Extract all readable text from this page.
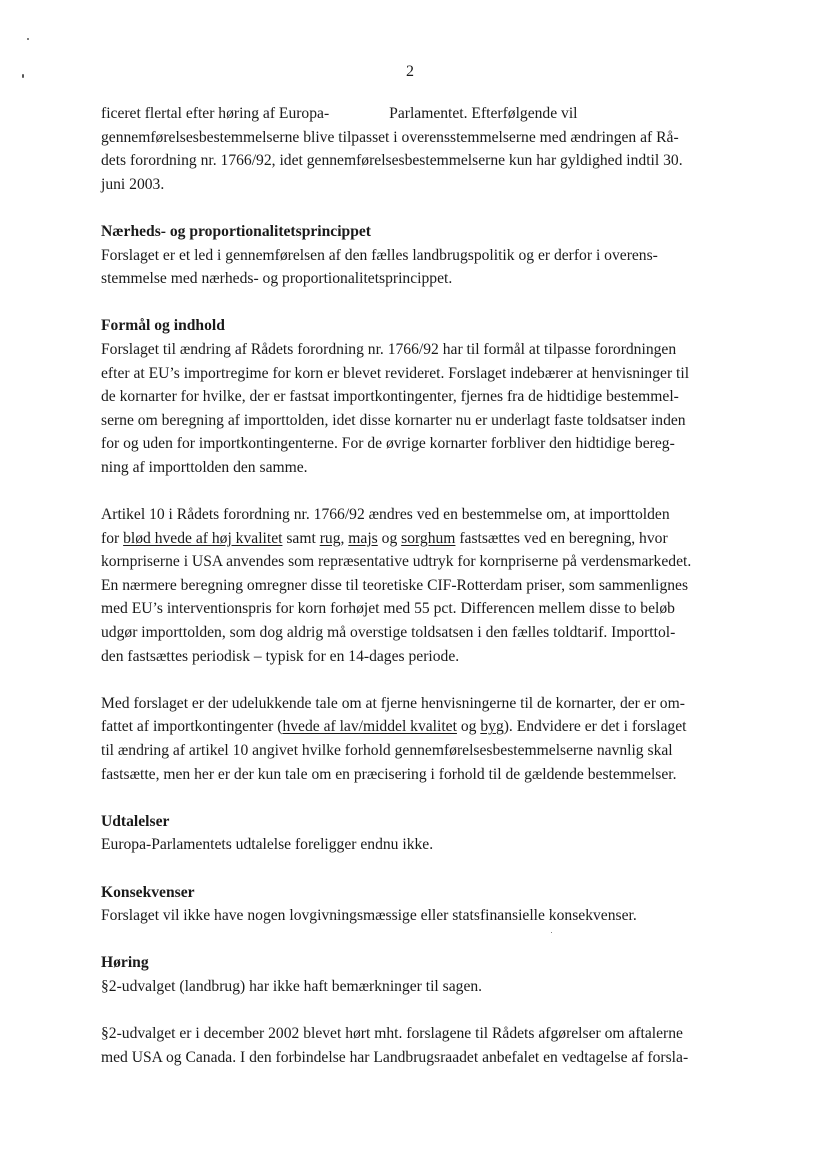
2

ficeret flertal efter høring af Europa-	Parlamentet. Efterfølgende vil
gennemførelsesbestemmelserne blive tilpasset i overensstemmelserne med ændringen af Rå-
dets forordning nr. 1766/92, idet gennemførelsesbestemmelserne kun har gyldighed indtil 30.
juni 2003.

Nærheds- og proportionalitetsprincippet

Forslaget er et led i gennemførelsen af den fælles landbrugspolitik og er derfor i overens-
stemmelse med nærheds- og proportionalitetsprincippet.

Formål og indhold

Forslaget til ændring af Rådets forordning nr. 1766/92 har til formål at tilpasse forordningen
efter at EU’s importregime for korn er blevet revideret. Forslaget indebærer at henvisninger til
de kornarter for hvilke, der er fastsat importkontingenter, fjernes fra de hidtidige bestemmel-
serne om beregning af importtolden, idet disse kornarter nu er underlagt faste toldsatser inden
for og uden for importkontingenterne. For de øvrige kornarter forbliver den hidtidige bereg-
ning af importtolden den samme.

Artikel 10 i Rådets forordning nr. 1766/92 ændres ved en bestemmelse om, at importtolden
for blød hvede af høj kvalitet samt rug, majs og sorghum fastsættes ved en beregning, hvor
kornpriserne i USA anvendes som repræsentative udtryk for kornpriserne på verdensmarkedet.
En nærmere beregning omregner disse til teoretiske CIF-Rotterdam priser, som sammenlignes
med EU’s interventionspris for korn forhøjet med 55 pct. Differencen mellem disse to beløb
udgør importtolden, som dog aldrig må overstige toldsatsen i den fælles toldtarif. Importtol-
den fastsættes periodisk – typisk for en 14-dages periode.

Med forslaget er der udelukkende tale om at fjerne henvisningerne til de kornarter, der er om-
fattet af importkontingenter (hvede af lav/middel kvalitet og byg). Endvidere er det i forslaget
til ændring af artikel 10 angivet hvilke forhold gennemførelsesbestemmelserne navnlig skal
fastsætte, men her er der kun tale om en præcisering i forhold til de gældende bestemmelser.

Udtalelser

Europa-Parlamentets udtalelse foreligger endnu ikke.

Konsekvenser

Forslaget vil ikke have nogen lovgivningsmæssige eller statsfinansielle konsekvenser.

Høring

§2-udvalget (landbrug) har ikke haft bemærkninger til sagen.

§2-udvalget er i december 2002 blevet hørt mht. forslagene til Rådets afgørelser om aftalerne
med USA og Canada. I den forbindelse har Landbrugsraadet anbefalet en vedtagelse af forsla-
